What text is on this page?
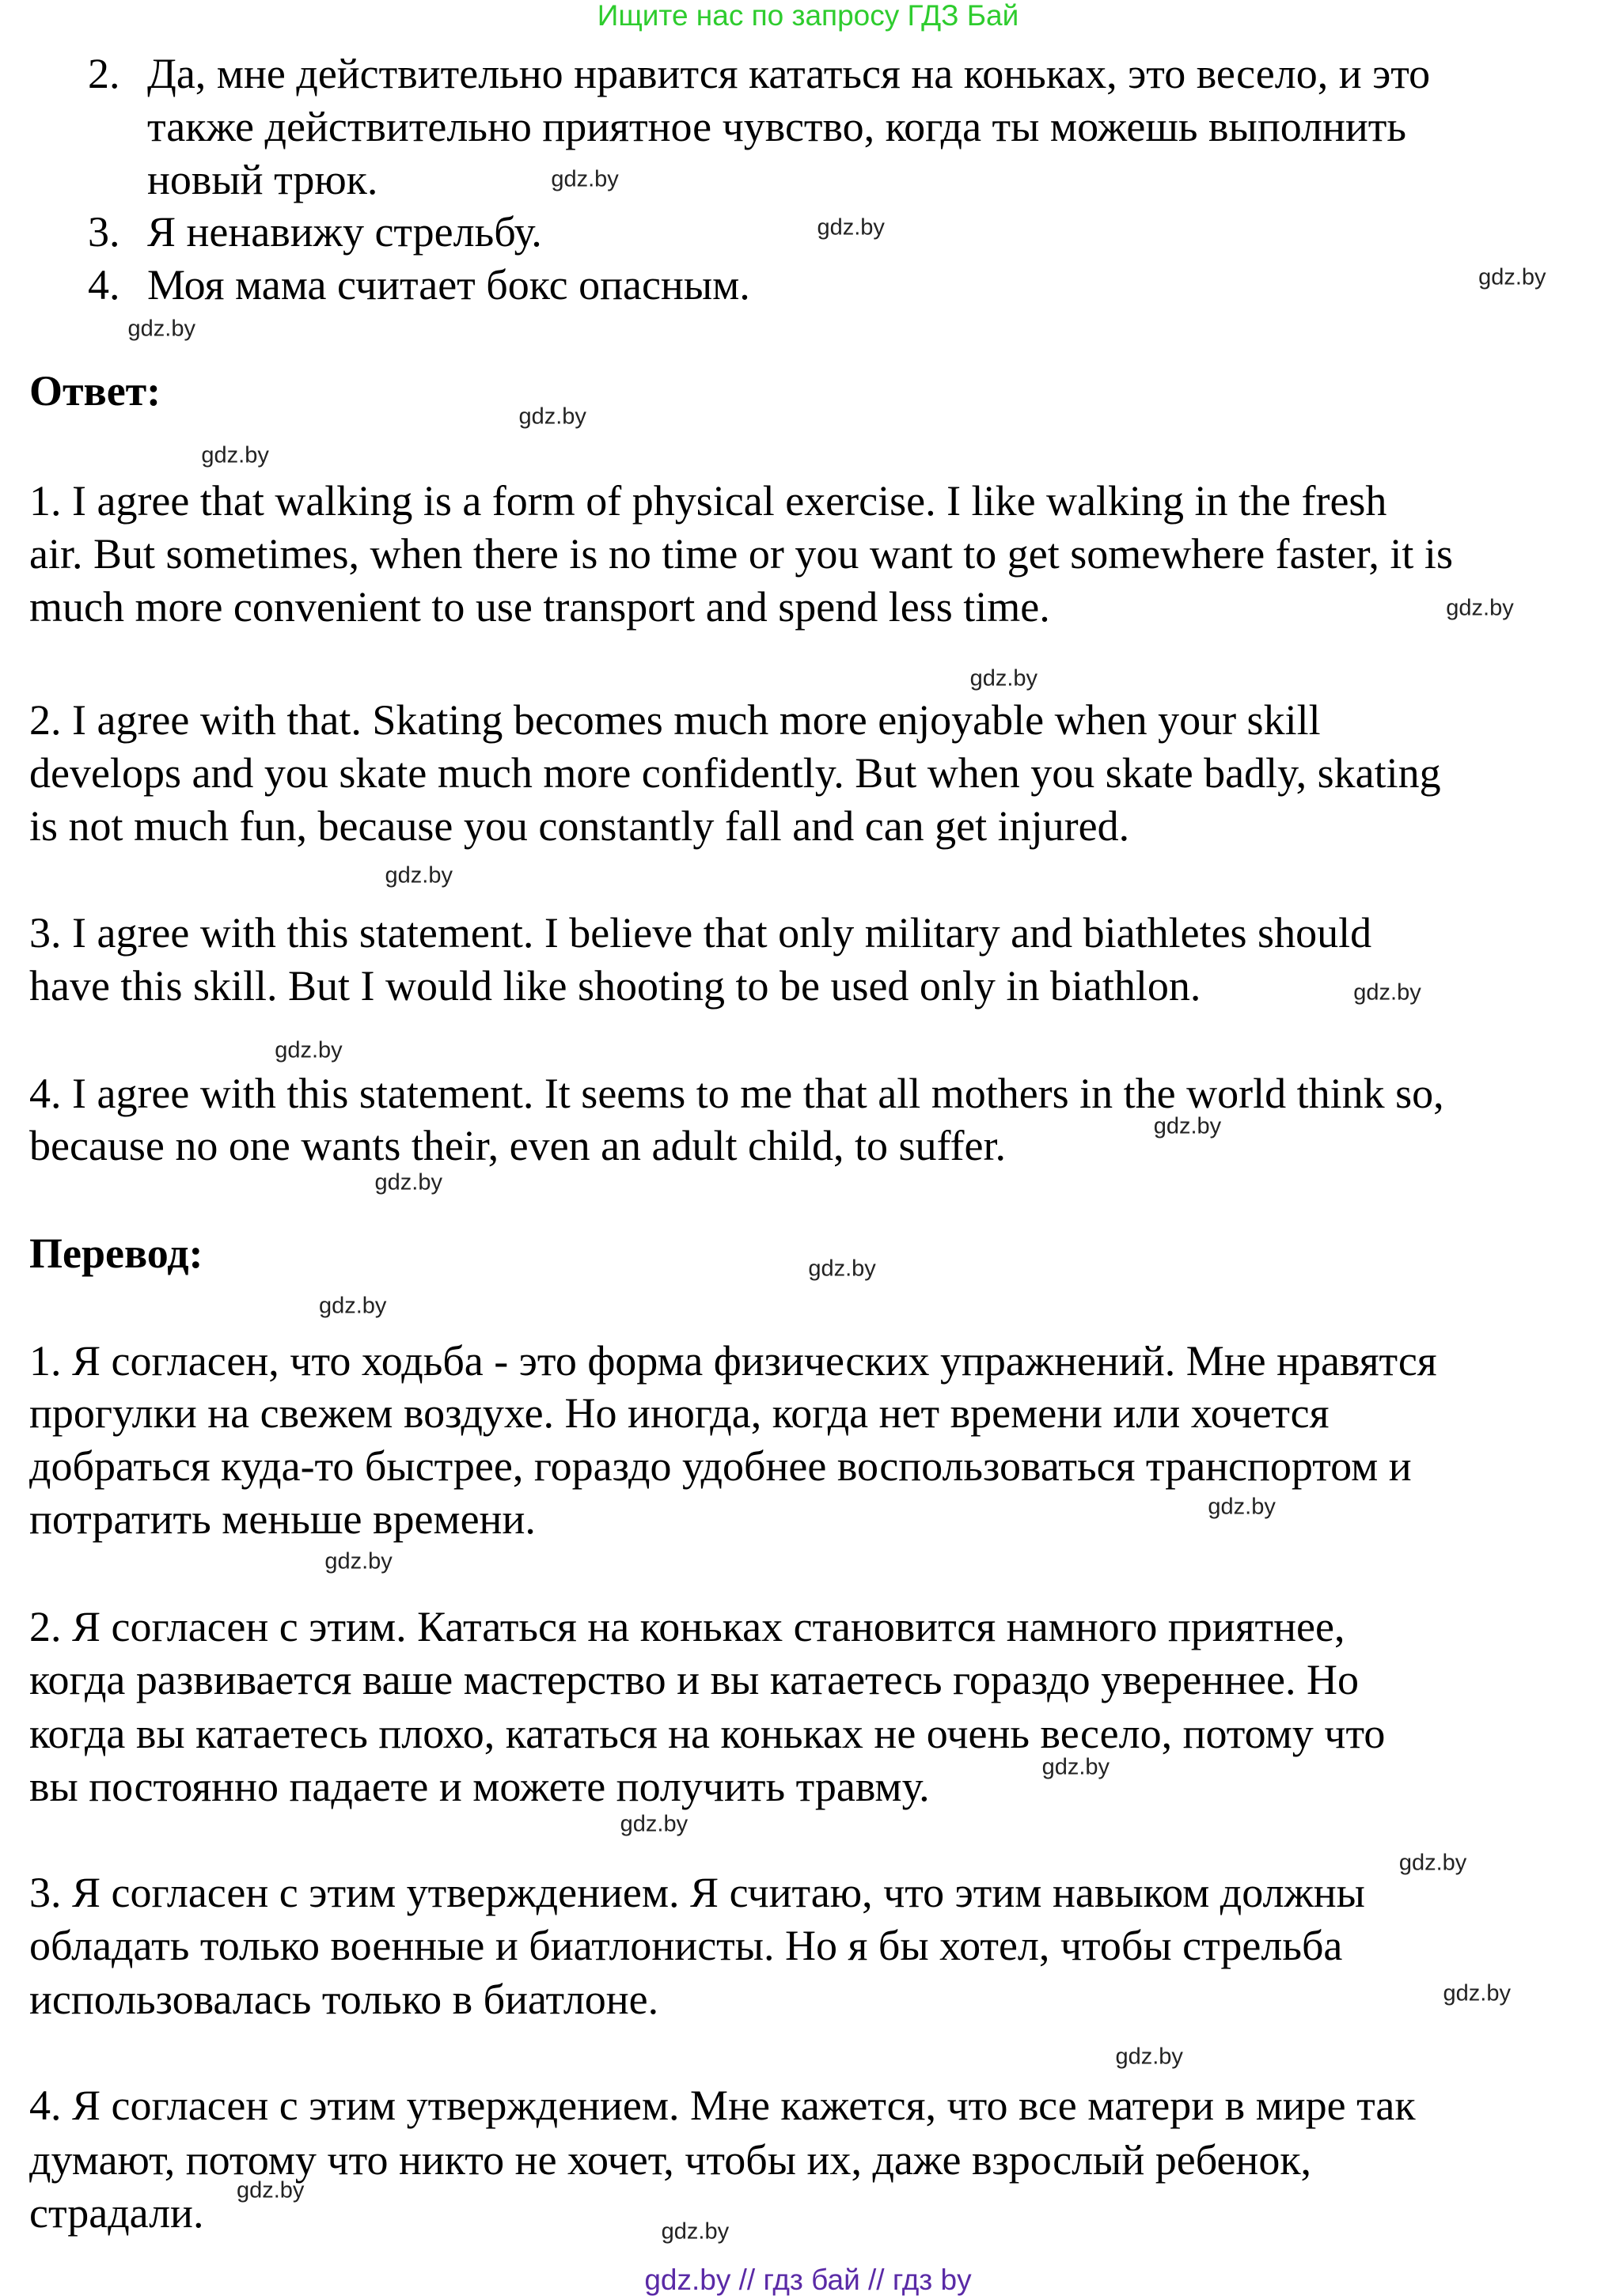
Ищите нас по запросу ГДЗ Бай
Ответ:
Перевод:
gdz.by // гдз бай // гдз by
2. Да, мне действительно нравится кататься на коньках, это весело, и это
также действительно приятное чувство, когда ты можешь выполнить
новый трюк.
3. Я ненавижу стрельбу.
4. Моя мама считает бокс опасным.
1. I agree that walking is a form of physical exercise. I like walking in the fresh
air. But sometimes, when there is no time or you want to get somewhere faster, it is
much more convenient to use transport and spend less time.
2. I agree with that. Skating becomes much more enjoyable when your skill
develops and you skate much more confidently. But when you skate badly, skating
is not much fun, because you constantly fall and can get injured.
3. I agree with this statement. I believe that only military and biathletes should
have this skill. But I would like shooting to be used only in biathlon.
4. I agree with this statement. It seems to me that all mothers in the world think so,
because no one wants their, even an adult child, to suffer.
1. Я согласен, что ходьба - это форма физических упражнений. Мне нравятся
прогулки на свежем воздухе. Но иногда, когда нет времени или хочется
добраться куда-то быстрее, гораздо удобнее воспользоваться транспортом и
потратить меньше времени.
2. Я согласен с этим. Кататься на коньках становится намного приятнее,
когда развивается ваше мастерство и вы катаетесь гораздо увереннее. Но
когда вы катаетесь плохо, кататься на коньках не очень весело, потому что
вы постоянно падаете и можете получить травму.
3. Я согласен с этим утверждением. Я считаю, что этим навыком должны
обладать только военные и биатлонисты. Но я бы хотел, чтобы стрельба
использовалась только в биатлоне.
4. Я согласен с этим утверждением. Мне кажется, что все матери в мире так
думают, потому что никто не хочет, чтобы их, даже взрослый ребенок,
страдали.
gdz.by
gdz.by
gdz.by
gdz.by
gdz.by
gdz.by
gdz.by
gdz.by
gdz.by
gdz.by
gdz.by
gdz.by
gdz.by
gdz.by
gdz.by
gdz.by
gdz.by
gdz.by
gdz.by
gdz.by
gdz.by
gdz.by
gdz.by
gdz.by
